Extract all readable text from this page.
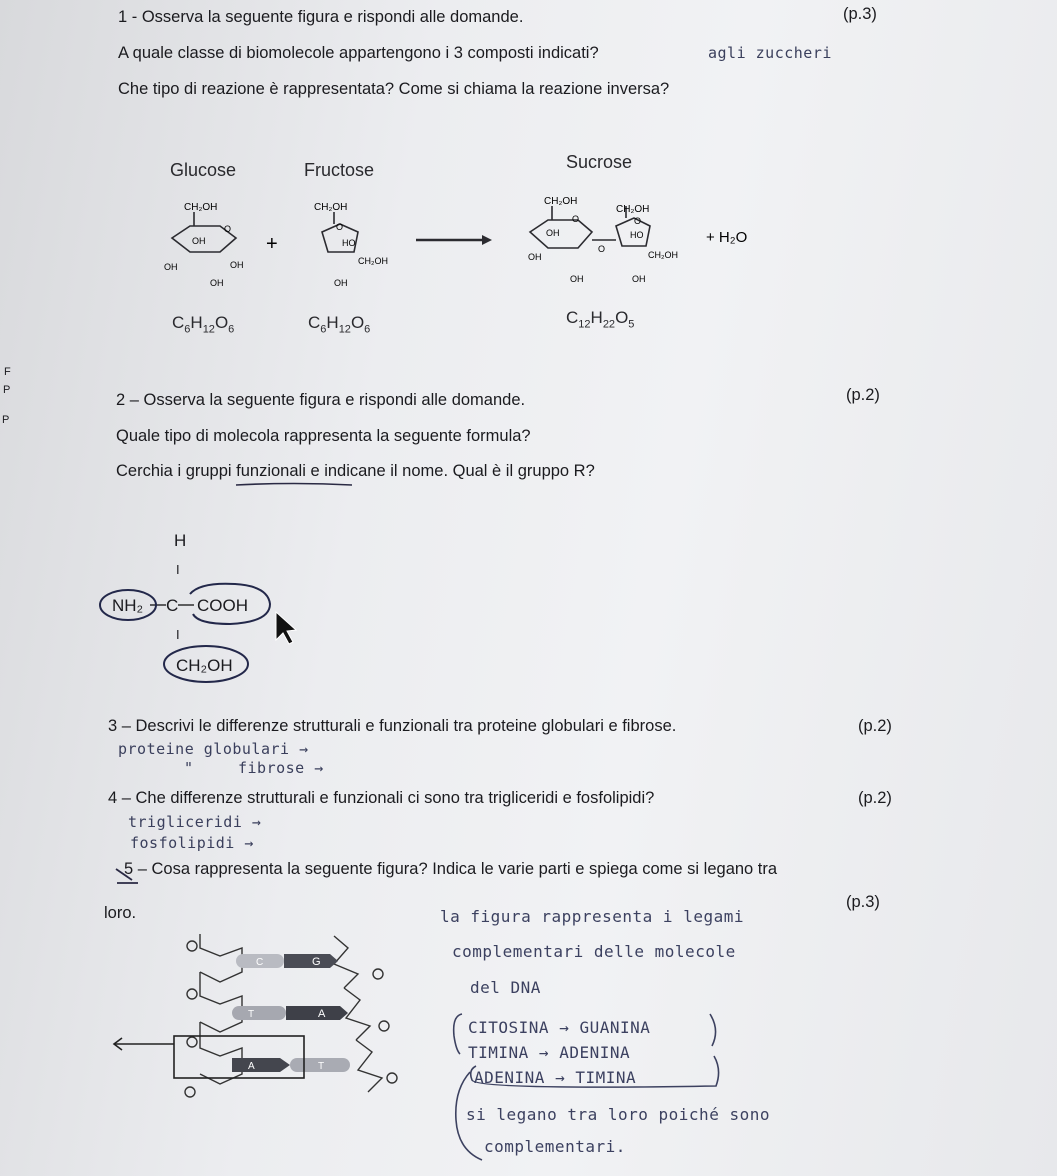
1 - Osserva la seguente figura e rispondi alle domande.	(p.3)
A quale classe di biomolecole appartengono i 3 composti indicati?	agli zuccheri
Che tipo di reazione è rappresentata? Come si chiama la reazione inversa?
Glucose	Fructose	Sucrose
CH₂OH
O
OH
OH	OH
OH
+
CH₂OH
O
HO
CH₂OH
OH
CH₂OH
CH₂OH
O	O
O
OH
OH
OH	OH
HO
CH₂OH
+ H₂O
$C_6H_{12}O_6$	$C_6H_{12}O_6$
$C_{12}H_{22}O_5$
F
P
P
2 – Osserva la seguente figura e rispondi alle domande.	(p.2)
Quale tipo di molecola rappresenta la seguente formula?
Cerchia i gruppi funzionali e indicane il nome. Qual è il gruppo R?
H
I
NH₂ C COOH
I
CH₂OH
3 – Descrivi le differenze strutturali e funzionali tra proteine globulari e fibrose.	(p.2)
proteine globulari →
"	fibrose →
4 – Che differenze strutturali e funzionali ci sono tra trigliceridi e fosfolipidi?	(p.2)
trigliceridi →
fosfolipidi →
5 – Cosa rappresenta la seguente figura? Indica le varie parti e spiega come si legano tra
loro.
(p.3)
C	G
T	A
A	T
la figura rappresenta i legami
complementari delle molecole
del DNA
CITOSINA → GUANINA
TIMINA → ADENINA
ADENINA → TIMINA
si legano tra loro poiché sono
complementari.
